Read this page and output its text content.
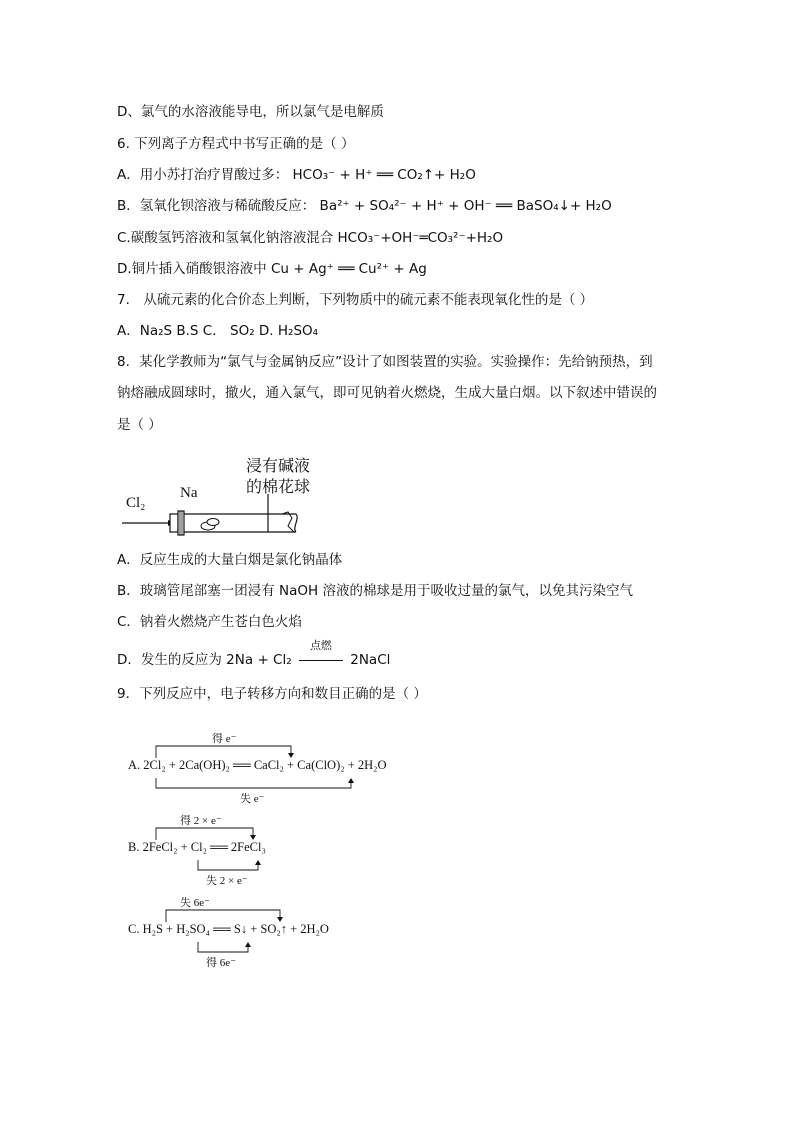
D、氯气的水溶液能导电，所以氯气是电解质
6. 下列离子方程式中书写正确的是（ ）
A．用小苏打治疗胃酸过多： HCO₃⁻ + H⁺ ══ CO₂↑+ H₂O
B．氢氧化钡溶液与稀硫酸反应： Ba²⁺ + SO₄²⁻ + H⁺ + OH⁻ ══ BaSO₄↓+ H₂O
C.碳酸氢钙溶液和氢氧化钠溶液混合 HCO₃⁻+OH⁻═CO₃²⁻+H₂O
D.铜片插入硝酸银溶液中 Cu + Ag⁺ ══ Cu²⁺ + Ag
7． 从硫元素的化合价态上判断，下列物质中的硫元素不能表现氧化性的是（ ）
A．Na₂S B.S C． SO₂ D. H₂SO₄
8．某化学教师为“氯气与金属钠反应”设计了如图装置的实验。实验操作：先给钠预热，到
钠熔融成圆球时，撤火，通入氯气，即可见钠着火燃烧，生成大量白烟。以下叙述中错误的
是（ ）
浸有碱液
的棉花球
Na
Cl₂
A．反应生成的大量白烟是氯化钠晶体
B．玻璃管尾部塞一团浸有 NaOH 溶液的棉球是用于吸收过量的氯气，以免其污染空气
C．钠着火燃烧产生苍白色火焰
D．发生的反应为 2Na + Cl₂
点燃
2NaCl
9．下列反应中，电子转移方向和数目正确的是（ ）
得 e⁻
A. 2Cl₂ + 2Ca(OH)₂ ══ CaCl₂ + Ca(ClO)₂ + 2H₂O
失 e⁻
得 2 × e⁻
B. 2FeCl₂ + Cl₂ ══ 2FeCl₃
失 2 × e⁻
失 6e⁻
C. H₂S + H₂SO₄ ══ S↓ + SO₂↑ + 2H₂O
得 6e⁻
